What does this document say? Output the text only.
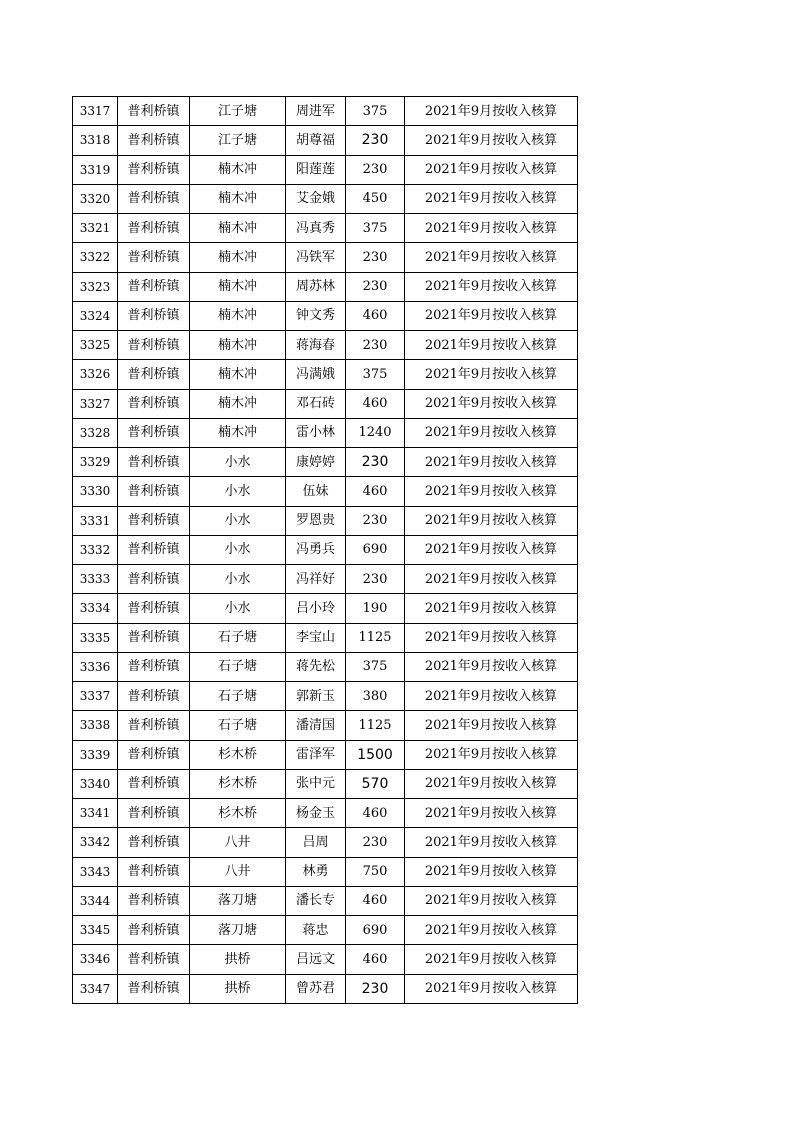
3317	普利桥镇	江子塘	周进军	375	2021年9月按收入核算
3318	普利桥镇	江子塘	胡尊福	230	2021年9月按收入核算
3319	普利桥镇	楠木冲	阳莲莲	230	2021年9月按收入核算
3320	普利桥镇	楠木冲	艾金娥	450	2021年9月按收入核算
3321	普利桥镇	楠木冲	冯真秀	375	2021年9月按收入核算
3322	普利桥镇	楠木冲	冯铁军	230	2021年9月按收入核算
3323	普利桥镇	楠木冲	周苏林	230	2021年9月按收入核算
3324	普利桥镇	楠木冲	钟文秀	460	2021年9月按收入核算
3325	普利桥镇	楠木冲	蒋海春	230	2021年9月按收入核算
3326	普利桥镇	楠木冲	冯满娥	375	2021年9月按收入核算
3327	普利桥镇	楠木冲	邓石砖	460	2021年9月按收入核算
3328	普利桥镇	楠木冲	雷小林	1240	2021年9月按收入核算
3329	普利桥镇	小水	康婷婷	230	2021年9月按收入核算
3330	普利桥镇	小水	伍妹	460	2021年9月按收入核算
3331	普利桥镇	小水	罗恩贵	230	2021年9月按收入核算
3332	普利桥镇	小水	冯勇兵	690	2021年9月按收入核算
3333	普利桥镇	小水	冯祥好	230	2021年9月按收入核算
3334	普利桥镇	小水	吕小玲	190	2021年9月按收入核算
3335	普利桥镇	石子塘	李宝山	1125	2021年9月按收入核算
3336	普利桥镇	石子塘	蒋先松	375	2021年9月按收入核算
3337	普利桥镇	石子塘	郭新玉	380	2021年9月按收入核算
3338	普利桥镇	石子塘	潘清国	1125	2021年9月按收入核算
3339	普利桥镇	杉木桥	雷泽军	1500	2021年9月按收入核算
3340	普利桥镇	杉木桥	张中元	570	2021年9月按收入核算
3341	普利桥镇	杉木桥	杨金玉	460	2021年9月按收入核算
3342	普利桥镇	八井	吕周	230	2021年9月按收入核算
3343	普利桥镇	八井	林勇	750	2021年9月按收入核算
3344	普利桥镇	落刀塘	潘长专	460	2021年9月按收入核算
3345	普利桥镇	落刀塘	蒋忠	690	2021年9月按收入核算
3346	普利桥镇	拱桥	吕远文	460	2021年9月按收入核算
3347	普利桥镇	拱桥	曾苏君	230	2021年9月按收入核算
